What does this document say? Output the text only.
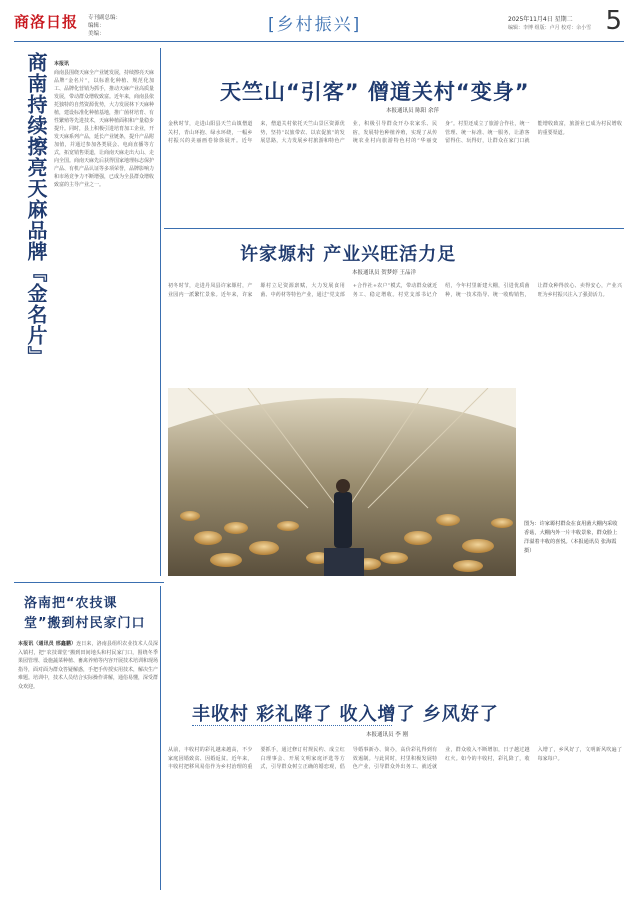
商洛日报 专刊副总编：
编辑：
美编：	[乡村振兴]	2025年11月4日 星期二
编辑：李博 组版：卢月 校对：余小雪 5
商南持续擦亮天麻品牌『金名片』 本报讯
商南县围绕天麻全产业链发展，持续擦亮天麻品牌“金名片”，以标准化种植、规范化加工、品牌化营销为抓手，推动天麻产业高质量发展，带动群众增收致富。近年来，商南县依托独特的自然资源优势，大力发展林下天麻种植，建设标准化种植基地，推广菌材培育、有性繁殖等先进技术，天麻种植面积和产量稳步提升。同时，县上积极引进培育加工企业，开发天麻系列产品，延长产业链条，提升产品附加值，并通过参加各类展会、电商直播等方式，拓宽销售渠道，让商南天麻走出大山、走向全国。商南天麻先后获得国家地理标志保护产品、有机产品认证等多项荣誉，品牌影响力和市场竞争力不断增强，已成为全县群众增收致富的主导产业之一。
天竺山“引客” 僧道关村“变身”
本报通讯员 陈阳 余萍
金秋时节，走进山阳县天竺山镇僧道关村，青山环抱、绿水环绕，一幅乡村振兴的美丽画卷徐徐展开。近年来，僧道关村依托天竺山景区资源优势，坚持“以旅带农、以农促旅”的发展思路，大力发展乡村旅游和特色产业，积极引导群众开办农家乐、民宿，发展特色种植养殖，实现了从传统农业村向旅游特色村的“华丽变身”。村里还成立了旅游合作社，统一管理、统一标准、统一服务，让游客留得住、玩得好，让群众在家门口就能增收致富，旅游业已成为村民增收的重要渠道。
许家塬村 产业兴旺活力足
本报通讯员 贺梦婷 王品洋
初冬时节，走进丹凤县许家塬村，产业园内一派繁忙景象。近年来，许家塬村立足资源禀赋，大力发展食用菌、中药材等特色产业，通过“党支部+合作社+农户”模式，带动群众就近务工、稳定增收。村党支部书记介绍，今年村里新建大棚，引进优质菌种，统一技术指导、统一收购销售，让群众种得放心、卖得安心，产业兴旺为乡村振兴注入了强劲活力。
图为：许家塬村群众在食用菌大棚内采收香菇，大棚内外一片丰收景象，群众脸上洋溢着丰收的喜悦。（本报通讯员 张海霞 摄）
洛南把“农技课堂”搬到村民家门口
本报讯（通讯员 邢鑫鹏）连日来，洛南县组织农业技术人员深入镇村，把“农技课堂”搬到田间地头和村民家门口，围绕冬季果园管理、设施蔬菜种植、畜禽养殖等内容开展技术培训和现场指导，面对面为群众答疑解惑，手把手传授实用技术，解决生产难题。培训中，技术人员结合实际操作讲解，通俗易懂，深受群众欢迎。
丰收村 彩礼降了 收入增了 乡风好了
本报通讯员 李 刚
从前，丰收村的彩礼越来越高，不少家庭因婚致贫、因婚返贫。近年来，丰收村把移风易俗作为乡村治理的重要抓手，通过修订村规民约、成立红白理事会、开展文明家庭评选等方式，引导群众树立正确的婚恋观，倡导婚事新办、简办，高价彩礼得到有效遏制。与此同时，村里积极发展特色产业，引导群众外出务工、就近就业，群众收入不断增加，日子越过越红火。如今的丰收村，彩礼降了，收入增了，乡风好了，文明新风吹遍了每家每户。
